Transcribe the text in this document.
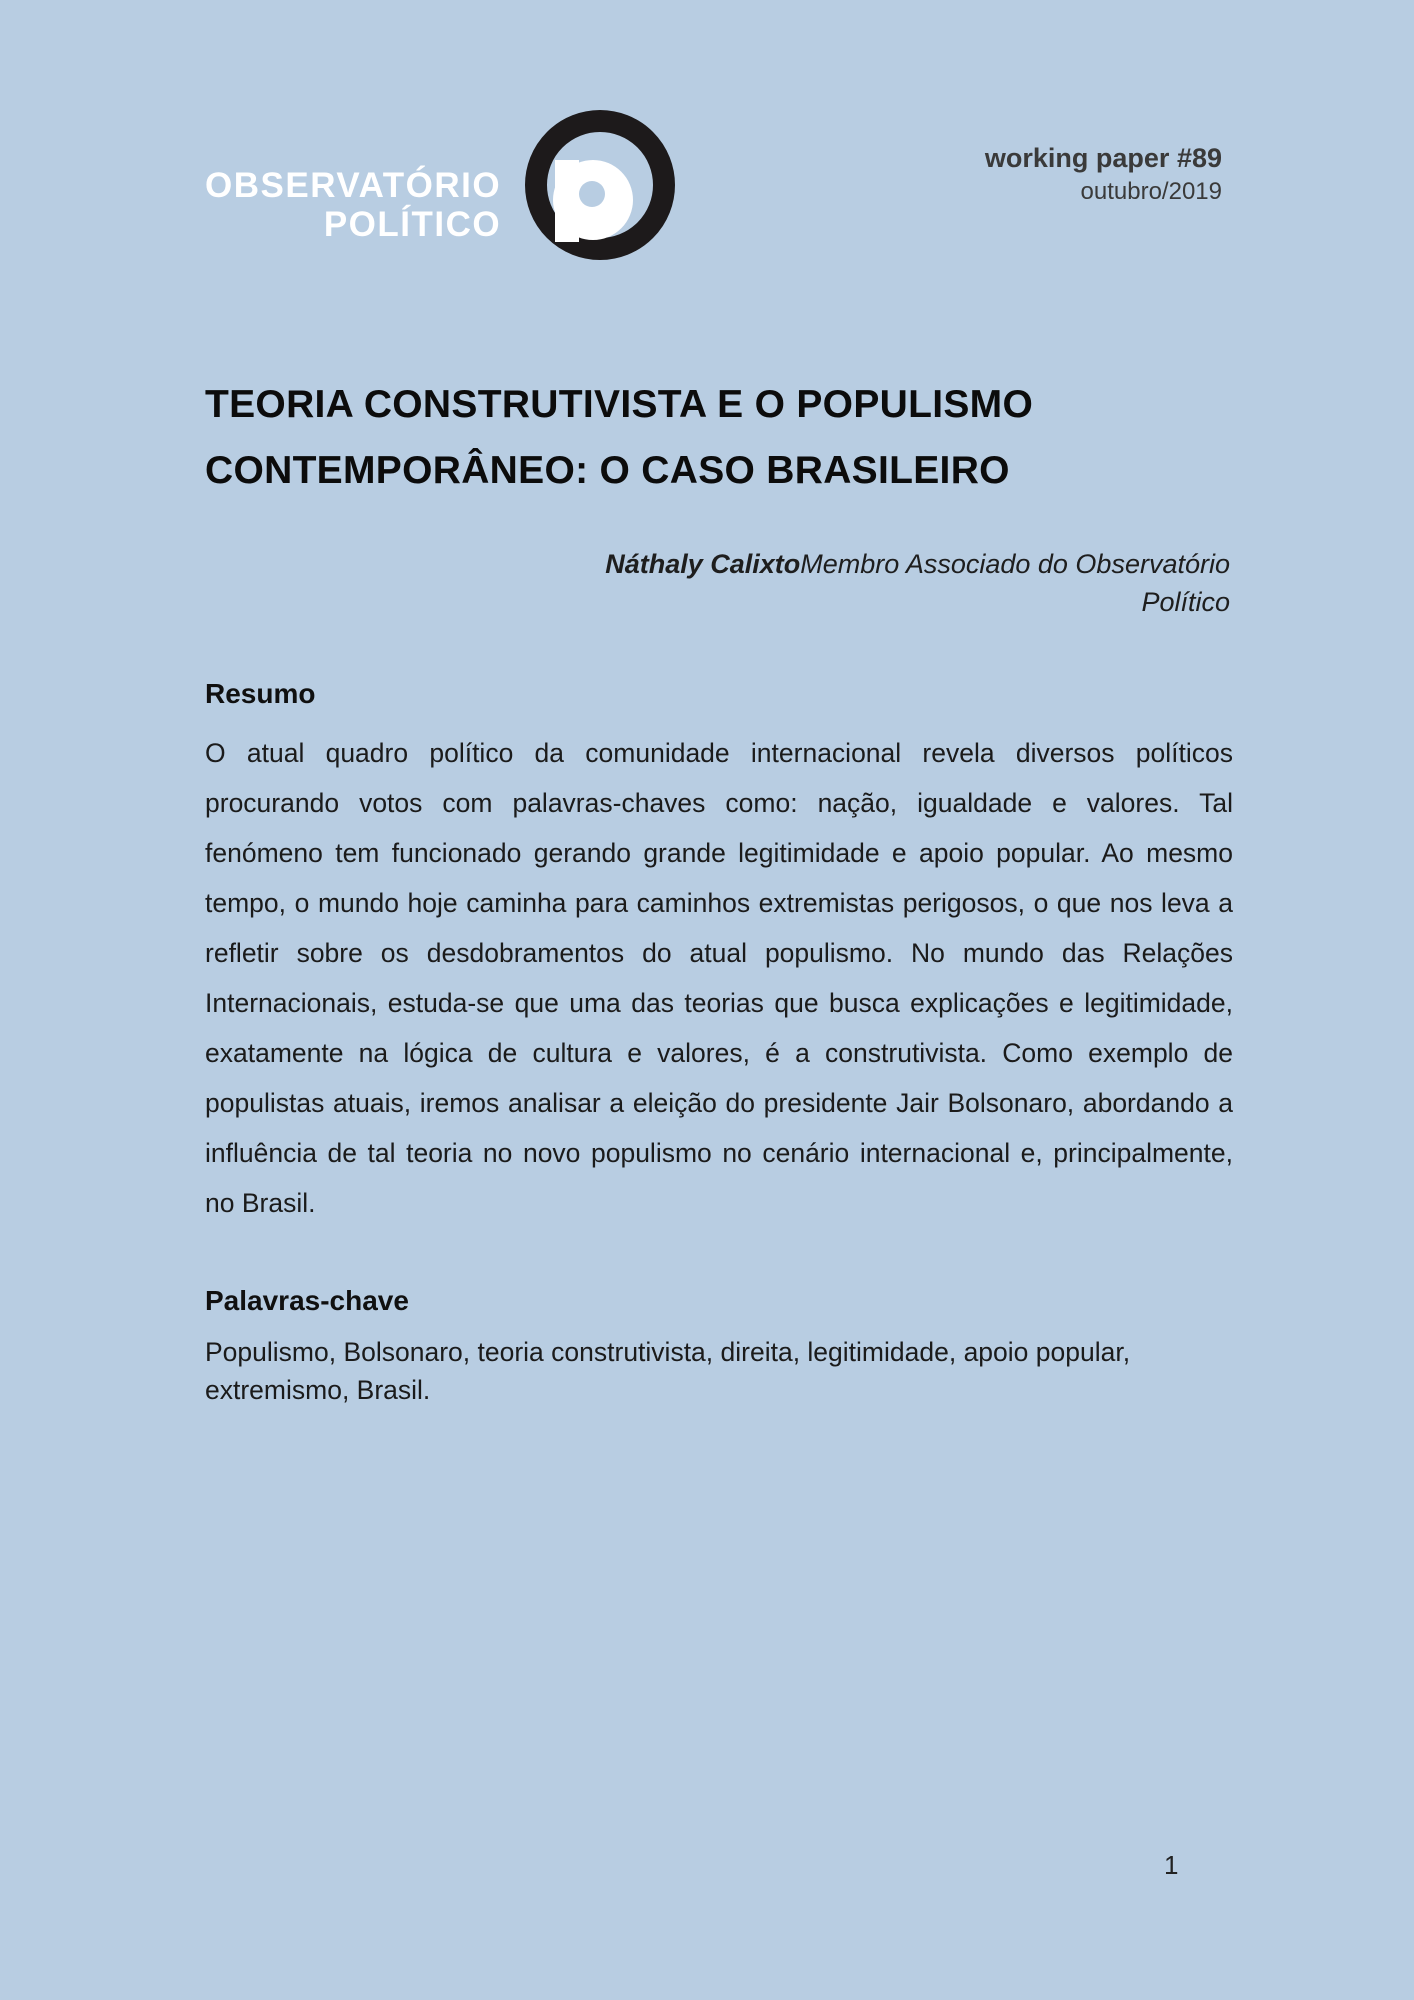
OBSERVATÓRIO
POLÍTICO
working paper #89
outubro/2019
TEORIA CONSTRUTIVISTA E O POPULISMO CONTEMPORÂNEO: O CASO BRASILEIRO
Náthaly CalixtoMembro Associado do Observatório Político
Resumo

O atual quadro político da comunidade internacional revela diversos políticos procurando votos com palavras-chaves como: nação, igualdade e valores. Tal fenómeno tem funcionado gerando grande legitimidade e apoio popular. Ao mesmo tempo, o mundo hoje caminha para caminhos extremistas perigosos, o que nos leva a refletir sobre os desdobramentos do atual populismo. No mundo das Relações Internacionais, estuda-se que uma das teorias que busca explicações e legitimidade, exatamente na lógica de cultura e valores, é a construtivista. Como exemplo de populistas atuais, iremos analisar a eleição do presidente Jair Bolsonaro, abordando a influência de tal teoria no novo populismo no cenário internacional e, principalmente, no Brasil.

Palavras-chave

Populismo, Bolsonaro, teoria construtivista, direita, legitimidade, apoio popular, extremismo, Brasil.

1
